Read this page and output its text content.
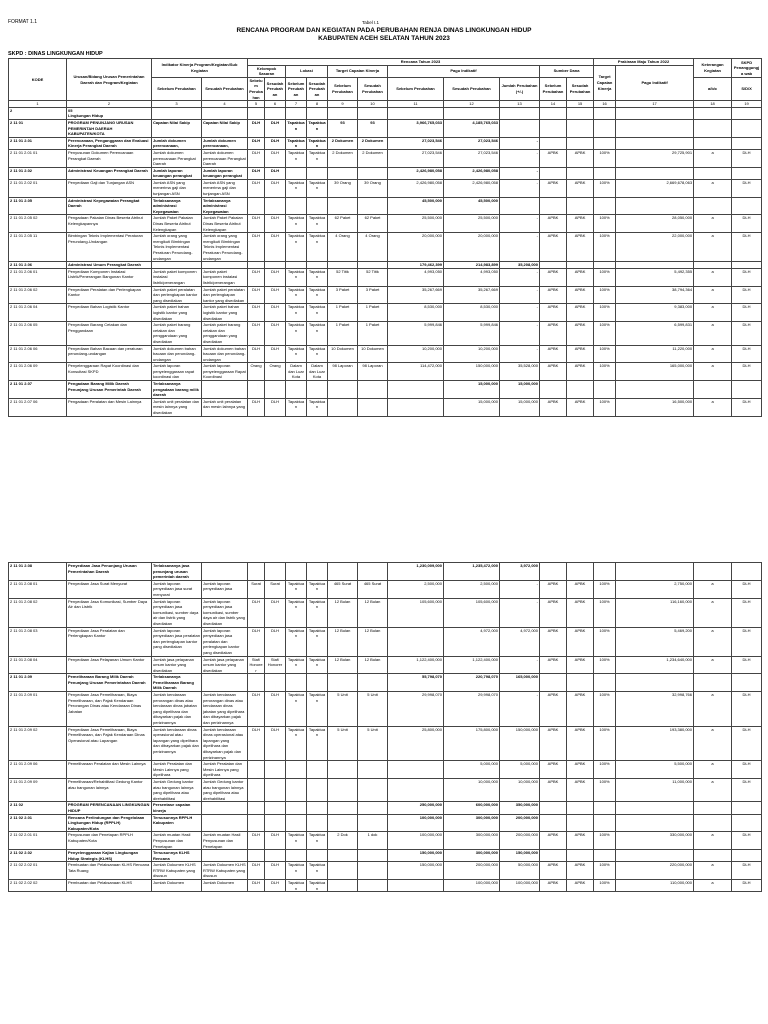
FORMAT 1.1	Tabel I.1
RENCANA PROGRAM DAN KEGIATAN PADA PERUBAHAN RENJA DINAS LINGKUNGAN HIDUP
KABUPATEN ACEH SELATAN TAHUN 2023
SKPD : DINAS LINGKUNGAN HIDUP
KODE	Urusan/Bidang Urusan Pemerintahan Daerah dan Program/Kegiatan	Indikator Kinerja Program/Kegiatan/Sub Kegiatan		Rencana Tahun 2023											Prakiraan Maju Tahun 2022		Keterangan Kegiatan	SKPD Penanggungja wab
				Kelompok Sasaran		Lokasi		Target Capaian Kinerja		Pagu Indikatif			Sumber Dana		Target Capaian Kinerja	Pagu Indikatif		
		Sebelum Perubahan	Sesudah Perubahan	Sebelum Perubahan	Sesudah Perubahan	Sebelum Perubahan	Sesudah Perubahan	Sebelum Perubahan	Sesudah Perubahan	Sebelum Perubahan	Sesudah Perubahan	Jumlah Perubahan (+/-)	Sebelum Perubahan	Sesudah Perubahan			a/b/c	S/D/X
1	2	3	4	5	6	7	8	9	10	11	12	13	14	15	16	17	18	19
2	05
Lingkungan Hidup																	
2 11 01	PROGRAM PENUNJANG URUSAN PEMERINTAH DAERAH KABUPATEN/KOTA	Capaian Nilai Sakip	Capaian Nilai Sakip	DLH	DLH	Tapaktuan	Tapaktuan	93	93	3,966,765,033	4,185,765,033							
2 11 01 2.01	Perencanaan, Penganggaran dan Evaluasi Kinerja Perangkat Daerah	Jumlah dokumen perencanaan,	Jumlah dokumen perencanaan,	DLH	DLH	Tapaktuan	Tapaktuan	2 Dokumen	2 Dokumen	27,023,546	27,023,546	-						
2 11 01 2.01 01	Penyusunan Dokumen Perencanaan Perangkat Daerah	Jumlah dokumen perencanaan Perangkat Daerah	Jumlah dokumen perencanaan Perangkat Daerah	DLH	DLH	Tapaktuan	Tapaktuan	2 Dokumen	2 Dokumen	27,023,546	27,023,546	-	APBK	APBK	100%	29,725,901	a	DLH
2 11 01 2.02	Administrasi Keuangan Perangkat Daerah	Jumlah laporan keuangan perangkat	Jumlah laporan keuangan perangkat	DLH	DLH					2,426,980,058	2,426,980,058	-						
2 11 01 2.02 01	Penyediaan Gaji dan Tunjangan ASN	Jumlah ASN yang menerima gaji dan tunjangan ASN	Jumlah ASN yang menerima gaji dan tunjangan ASN	DLH	DLH	Tapaktuan	Tapaktuan	39 Orang	39 Orang	2,426,980,058	2,426,980,058	-	APBK	APBK	100%	2,669,678,063	a	DLH
2 11 01 2.05	Administrasi Kepegawaian Perangkat Daerah	Terlaksananya administrasi Kepegawaian	Terlaksananya administrasi Kepegawaian							45,500,000	45,500,000							
2 11 01 2.05 02	Pengadaan Pakaian Dinas Beserta Atribut Kelengkapannya	Jumlah Paket Pakaian Dinas Beserta Atribut Kelengkapan	Jumlah Paket Pakaian Dinas Beserta Atribut Kelengkapan	DLH	DLH	Tapaktuan	Tapaktuan	62 Paket	62 Paket	25,500,000	25,500,000	-	APBK	APBK	100%	28,050,000	a	DLH
2 11 01 2.05 11	Bimbingan Teknis Implementasi Peraturan Perundang-Undangan	Jumlah orang yang mengikuti Bimbingan Teknis Implementasi Peraturan Perundang-undangan	Jumlah orang yang mengikuti Bimbingan Teknis Implementasi Peraturan Perundang-undangan	DLH	DLH	Tapaktuan	Tapaktuan	4 Orang	4 Orang	20,000,000	20,000,000	-	APBK	APBK	100%	22,000,000	a	DLH
2 11 01 2.06	Administrasi Umum Perangkat Daerah									179,462,399	214,983,899	35,208,000						
2 11 01 2.06 01	Penyediaan Komponen Instalasi Listrik/Penerangan Bangunan Kantor	Jumlah paket komponen instalasi listrik/penerangan	Jumlah paket komponen instalasi listrik/penerangan	DLH	DLH	Tapaktuan	Tapaktuan	52 Titik	52 Titik	4,993,050	4,993,050	-	APBK	APBK	100%	5,492,355	a	DLH
2 11 01 2.06 02	Penyediaan Peralatan dan Perlengkapan Kantor	Jumlah paket peralatan dan perlengkapan kantor yang disediakan	Jumlah paket peralatan dan perlengkapan kantor yang disediakan	DLH	DLH	Tapaktuan	Tapaktuan	3 Paket	3 Paket	35,267,669	35,267,669	-	APBK	APBK	100%	38,794,364	a	DLH
2 11 01 2.06 04	Penyediaan Bahan Logistik Kantor	Jumlah paket bahan logistik kantor yang disediakan	Jumlah paket bahan logistik kantor yang disediakan	DLH	DLH	Tapaktuan	Tapaktuan	1 Paket	1 Paket	8,530,000	8,530,000	-	APBK	APBK	100%	9,383,000	a	DLH
2 11 01 2.06 05	Penyediaan Barang Cetakan dan Penggandaan	Jumlah paket barang cetakan dan penggandaan yang disediakan	Jumlah paket barang cetakan dan penggandaan yang disediakan	DLH	DLH	Tapaktuan	Tapaktuan	1 Paket	1 Paket	5,999,846	5,999,846	-	APBK	APBK	100%	6,599,831	a	DLH
2 11 01 2.06 06	Penyediaan Bahan Bacaan dan peraturan perundang-undangan	Jumlah dokumen bahan bacaan dan perundang-undangan	Jumlah dokumen bahan bacaan dan perundang-undangan	DLH	DLH	Tapaktuan	Tapaktuan	10 Dokumen	10 Dokumen	10,200,000	10,200,000	-	APBK	APBK	100%	11,220,000	a	DLH
2 11 01 2.06 09	Penyelenggaraan Rapat Koordinasi dan Konsultasi SKPD	Jumlah laporan penyelenggaraan rapat koordinasi dan	Jumlah laporan penyelenggaraan Rapat Koordinasi	Orang	Orang	Dalam dan Luar Kota	Dalam dan Luar Kota	98 Laporan	98 Laporan	114,472,000	150,000,000	35,528,000	APBK	APBK	100%	165,000,000	a	DLH
2 11 01 2.07	Pengadaan Barang Milik Daerah Penunjang Urusan Pemerintah Daerah	Terlaksananya pengadaan barang milik daerah									15,000,000	15,000,000						
2 11 01 2.07 06	Pengadaan Peralatan dan Mesin Lainnya	Jumlah unit peralatan dan mesin lainnya yang disediakan	Jumlah unit peralatan dan mesin lainnya yang	DLH	DLH	Tapaktuan	Tapaktuan				15,000,000	15,000,000	APBK	APBK	100%	16,500,000	a	DLH
2 11 01 2.08	Penyediaan Jasa Penunjang Urusan Pemerintahan Daerah	Terlaksananya jasa penunjang urusan pemerintah daerah								1,230,009,000	1,235,472,000	3,972,000						
2 11 01 2.08 01	Penyediaan Jasa Surat Menyurat	Jumlah laporan penyediaan jasa surat menyurat	Jumlah laporan penyediaan jasa	Surat	Surat	Tapaktuan	Tapaktuan	465 Surat	465 Surat	2,500,000	2,500,000	-	APBK	APBK	100%	2,750,000	a	DLH
2 11 01 2.08 02	Penyediaan Jasa Komunikasi, Sumber Daya Air dan Listrik	Jumlah laporan penyediaan jasa komunikasi, sumber daya air dan listrik yang disediakan	Jumlah laporan penyediaan jasa komunikasi, sumber daya air dan listrik yang disediakan	DLH	DLH	Tapaktuan	Tapaktuan	12 Bulan	12 Bulan	105,600,000	105,600,000	-	APBK	APBK	100%	116,160,000	a	DLH
2 11 01 2.08 03	Penyediaan Jasa Peralatan dan Perlengkapan Kantor	Jumlah laporan penyediaan jasa peralatan dan perlengkapan kantor yang disediakan	Jumlah laporan penyediaan jasa peralatan dan perlengkapan kantor yang disediakan	DLH	DLH	Tapaktuan	Tapaktuan	12 Bulan	12 Bulan		4,972,000	4,972,000	APBK	APBK	100%	5,469,200	a	DLH
2 11 01 2.08 04	Penyediaan Jasa Pelayanan Umum Kantor	Jumlah jasa pelayanan umum kantor yang disediakan	Jumlah jasa pelayanan umum kantor yang disediakan	Staf/ Honorer	Staf/ Honorer	Tapaktuan	Tapaktuan	12 Bulan	12 Bulan	1,122,400,000	1,122,400,000	-	APBK	APBK	100%	1,234,640,000	a	DLH
2 11 01 2.09	Pemeliharaan Barang Milik Daerah Penunjang Urusan Pemerintahan Daerah	Terlaksananya Pemeliharaan Barang Milik Daerah								55,798,070	220,798,070	165,000,000						
2 11 01 2.09 01	Penyediaan Jasa Pemeliharaan, Biaya Pemeliharaan, dan Pajak Kendaraan Perorangan Dinas atau Kendaraan Dinas Jabatan	Jumlah kendaraan perorangan dinas atau kendaraan dinas jabatan yang dipelihara dan dibayarkan pajak dan perizinannya	Jumlah kendaraan perorangan dinas atau kendaraan dinas jabatan yang dipelihara dan dibayarkan pajak dan perizinannya	DLH	DLH	Tapaktuan	Tapaktuan	5 Unit	5 Unit	29,998,070	29,998,070	-	APBK	APBK	100%	32,998,766	a	DLH
2 11 01 2.09 02	Penyediaan Jasa Pemeliharaan, Biaya Pemeliharaan, dan Pajak Kendaraan Dinas Operasional atau Lapangan	Jumlah kendaraan dinas operasional atau lapangan yang dipelihara dan dibayarkan pajak dan perizinannya	Jumlah kendaraan dinas operasional atau lapangan yang dipelihara dan dibayarkan pajak dan perizinannya	DLH	DLH	Tapaktuan	Tapaktuan	5 Unit	5 Unit	25,800,000	175,800,000	150,000,000	APBK	APBK	100%	193,380,000	a	DLH
2 11 01 2.09 06	Pemeliharaan Peralatan dan Mesin Lainnya	Jumlah Peralatan dan Mesin Lainnya yang dipelihara	Jumlah Peralatan dan Mesin Lainnya yang dipelihara								5,000,000	5,000,000	APBK	APBK	100%	5,500,000	a	DLH
2 11 01 2.09 09	Pemeliharaan/Rehabilitasi Gedung Kantor atau bangunan lainnya	Jumlah Gedung kantor atau bangunan lainnya yang dipelihara atau direhabilitasi	Jumlah Gedung kantor atau bangunan lainnya yang dipelihara atau direhabilitasi								10,000,000	10,000,000	APBK	APBK	100%	11,000,000	a	DLH
2 11 02	PROGRAM PERENCANAAN LINGKUNGAN HIDUP	Persentase capaian kinerja								250,000,000	600,000,000	350,000,000						
2 11 02 2.01	Rencana Perlindungan dan Pengelolaan Lingkungan Hidup (RPPLH) Kabupaten/Kota	Tersusunnya RPPLH Kabupaten								100,000,000	300,000,000	200,000,000						
2 11 02 2.01 01	Penyusunan dan Penetapan RPPLH Kabupaten/Kota	Jumlah muatan Hasil Penyusunan dan Penetapan	Jumlah muatan Hasil Penyusunan dan Penetapan	DLH	DLH	Tapaktuan	Tapaktuan	2 Dok	1 dok	100,000,000	300,000,000	200,000,000	APBK	APBK	100%	330,000,000	a	DLH
2 11 02 2.02	Penyelenggaraan Kajian Lingkungan Hidup Strategis (KLHS)	Tersusunnya KLHS Rencana								150,000,000	300,000,000	150,000,000						
2 11 02 2.02 01	Pembuatan dan Pelaksanaan KLHS Rencana Tata Ruang	Jumlah Dokumen KLHS RTRW Kabupaten yang disusun	Jumlah Dokumen KLHS RTRW Kabupaten yang disusun	DLH	DLH	Tapaktuan	Tapaktuan			150,000,000	200,000,000	50,000,000	APBK	APBK	100%	220,000,000	a	DLH
2 11 02 2.02 02	Pembuatan dan Pelaksanaan KLHS	Jumlah Dokumen	Jumlah Dokumen	DLH	DLH	Tapaktuan	Tapaktuan				100,000,000	100,000,000	APBK	APBK	100%	110,000,000	a	DLH
